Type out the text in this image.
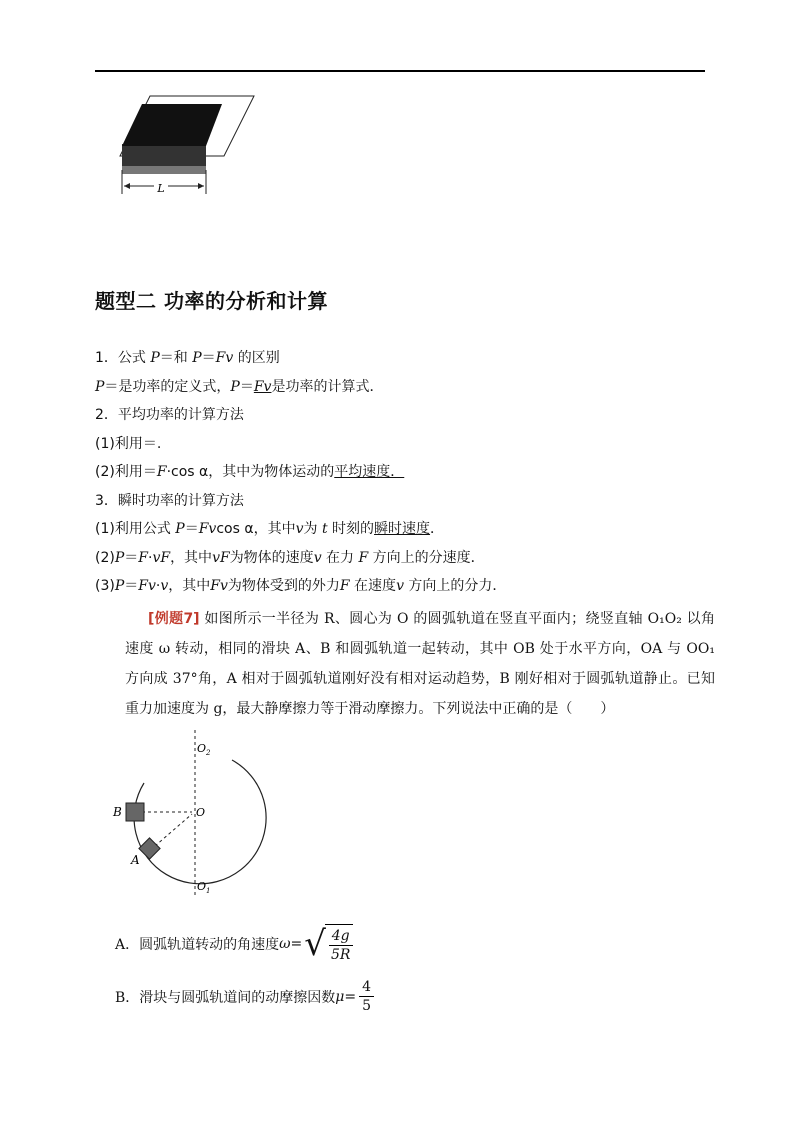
L
题型二 功率的分析和计算
1．公式 P＝和 P＝Fv 的区别
P＝是功率的定义式，P＝Fv是功率的计算式．
2．平均功率的计算方法
(1)利用＝.
(2)利用＝F·cos α，其中为物体运动的平均速度．
3．瞬时功率的计算方法
(1)利用公式 P＝Fvcos α，其中v为 t 时刻的瞬时速度．
(2)P＝F·vF，其中vF为物体的速度v 在力 F 方向上的分速度．
(3)P＝Fv·v，其中Fv为物体受到的外力F 在速度v 方向上的分力．
[例题7] 如图所示一半径为 R、圆心为 O 的圆弧轨道在竖直平面内；绕竖直轴 O₁O₂ 以角速度 ω 转动，相同的滑块 A、B 和圆弧轨道一起转动，其中 OB 处于水平方向，OA 与 OO₁ 方向成 37°角，A 相对于圆弧轨道刚好没有相对运动趋势，B 刚好相对于圆弧轨道静止。已知重力加速度为 g，最大静摩擦力等于滑动摩擦力。下列说法中正确的是（　　）
$O_2$
O
B
A
$O_1$
A．圆弧轨道转动的角速度 ω = √ $\frac{4g}{5R}$
B．滑块与圆弧轨道间的动摩擦因数 $\mu = \frac{4}{5}$
